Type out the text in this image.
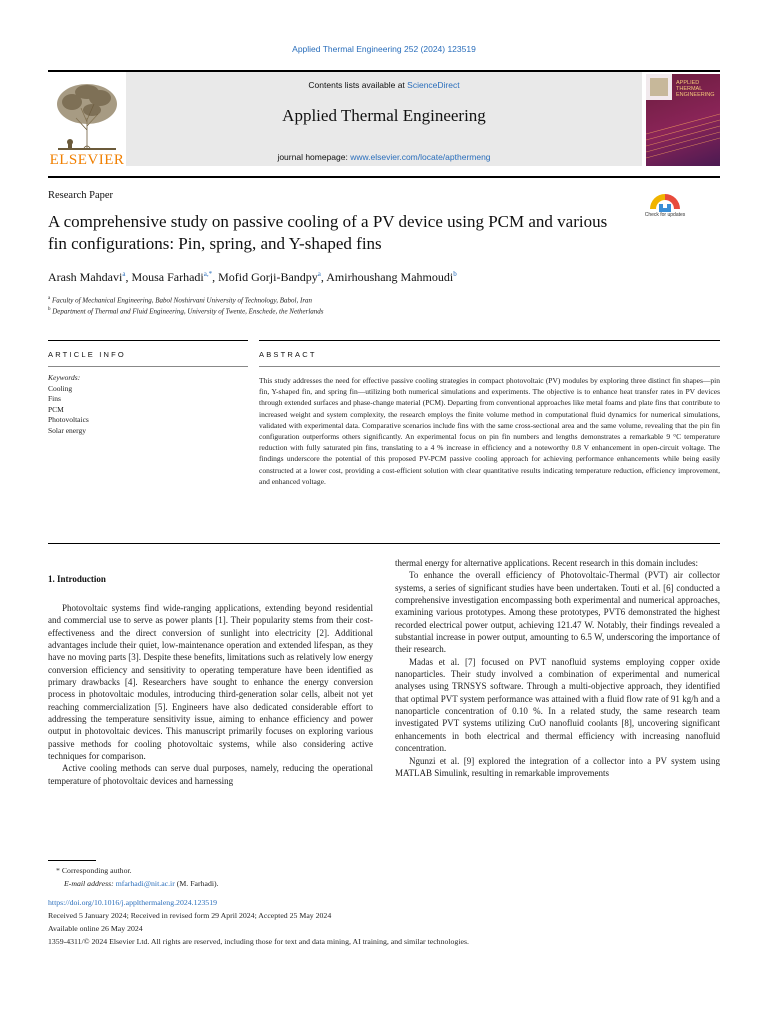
Applied Thermal Engineering 252 (2024) 123519
Contents lists available at ScienceDirect
Applied Thermal Engineering
journal homepage: www.elsevier.com/locate/apthermeng
ELSEVIER
APPLIED THERMAL ENGINEERING
Research Paper
A comprehensive study on passive cooling of a PV device using PCM and various fin configurations: Pin, spring, and Y-shaped fins
Check for updates
Arash Mahdavi$^a$, Mousa Farhadi$^{a,*}$, Mofid Gorji-Bandpy$^a$, Amirhoushang Mahmoudi$^b$
$^a$ Faculty of Mechanical Engineering, Babol Noshirvani University of Technology, Babol, Iran
$^b$ Department of Thermal and Fluid Engineering, University of Twente, Enschede, the Netherlands
ARTICLE INFO	ABSTRACT
Keywords:
Cooling
Fins
PCM
Photovoltaics
Solar energy
This study addresses the need for effective passive cooling strategies in compact photovoltaic (PV) modules by exploring three distinct fin shapes—pin fin, Y-shaped fin, and spring fin—utilizing both numerical simulations and experiments. The objective is to enhance heat transfer rates in PV devices through extended surfaces and phase-change material (PCM). Departing from conventional approaches like metal foams and plate fins that contribute to increased weight and system complexity, the research employs the finite volume method in computational fluid dynamics for numerical simulations, validated with experimental data. Comparative scenarios include fins with the same cross-sectional area and the same volume, revealing that the pin fin configuration outperforms others significantly. An experimental focus on pin fin numbers and lengths demonstrates a remarkable 9 °C temperature reduction with fully saturated pin fins, translating to a 4 % increase in efficiency and a noteworthy 0.8 V enhancement in open-circuit voltage. The findings underscore the potential of this proposed PV-PCM passive cooling approach for achieving performance enhancements while being easily constructed at a lower cost, providing a cost-efficient solution with clear quantitative results indicating temperature reduction, efficiency improvement, and enhanced voltage.
1. Introduction

Photovoltaic systems find wide-ranging applications, extending beyond residential and commercial use to serve as power plants [1]. Their popularity stems from their cost-effectiveness and the direct conversion of sunlight into electricity [2]. Additional advantages include their quiet, low-maintenance operation and extended lifespan, as they have no moving parts [3]. Despite these benefits, limitations such as relatively low energy conversion efficiency and sensitivity to operating temperature have been identified as primary drawbacks [4]. Researchers have sought to enhance the energy conversion process in photovoltaic modules, introducing third-generation solar cells, albeit not yet reaching commercialization [5]. Engineers have also dedicated considerable effort to addressing the temperature sensitivity issue, aiming to enhance efficiency and power output in photovoltaic devices. This manuscript primarily focuses on exploring various passive methods for cooling photovoltaic systems, while also considering active techniques for comparison.

Active cooling methods can serve dual purposes, namely, reducing the operational temperature of photovoltaic devices and harnessing

thermal energy for alternative applications. Recent research in this domain includes:

To enhance the overall efficiency of Photovoltaic-Thermal (PVT) air collector systems, a series of significant studies have been undertaken. Touti et al. [6] conducted a comprehensive investigation encompassing both experimental and numerical approaches, examining various prototypes. Among these prototypes, PVT6 demonstrated the highest recorded electrical power output, achieving 121.47 W. Notably, their findings revealed a substantial increase in power output, amounting to 6.5 W, underscoring the importance of their research.

Madas et al. [7] focused on PVT nanofluid systems employing copper oxide nanoparticles. Their study involved a combination of experimental and numerical analyses using TRNSYS software. Through a multi-objective approach, they identified that optimal PVT system performance was attained with a fluid flow rate of 91 kg/h and a nanoparticle concentration of 0.10 %. In a related study, the same research team investigated PVT systems utilizing CuO nanofluid coolants [8], uncovering significant enhancements in both electrical and thermal efficiency with increasing nanofluid concentration.

Ngunzi et al. [9] explored the integration of a collector into a PV system using MATLAB Simulink, resulting in remarkable improvements

* Corresponding author.
E-mail address: mfarhadi@nit.ac.ir (M. Farhadi).
https://doi.org/10.1016/j.applthermaleng.2024.123519
Received 5 January 2024; Received in revised form 29 April 2024; Accepted 25 May 2024
Available online 26 May 2024
1359-4311/© 2024 Elsevier Ltd. All rights are reserved, including those for text and data mining, AI training, and similar technologies.
